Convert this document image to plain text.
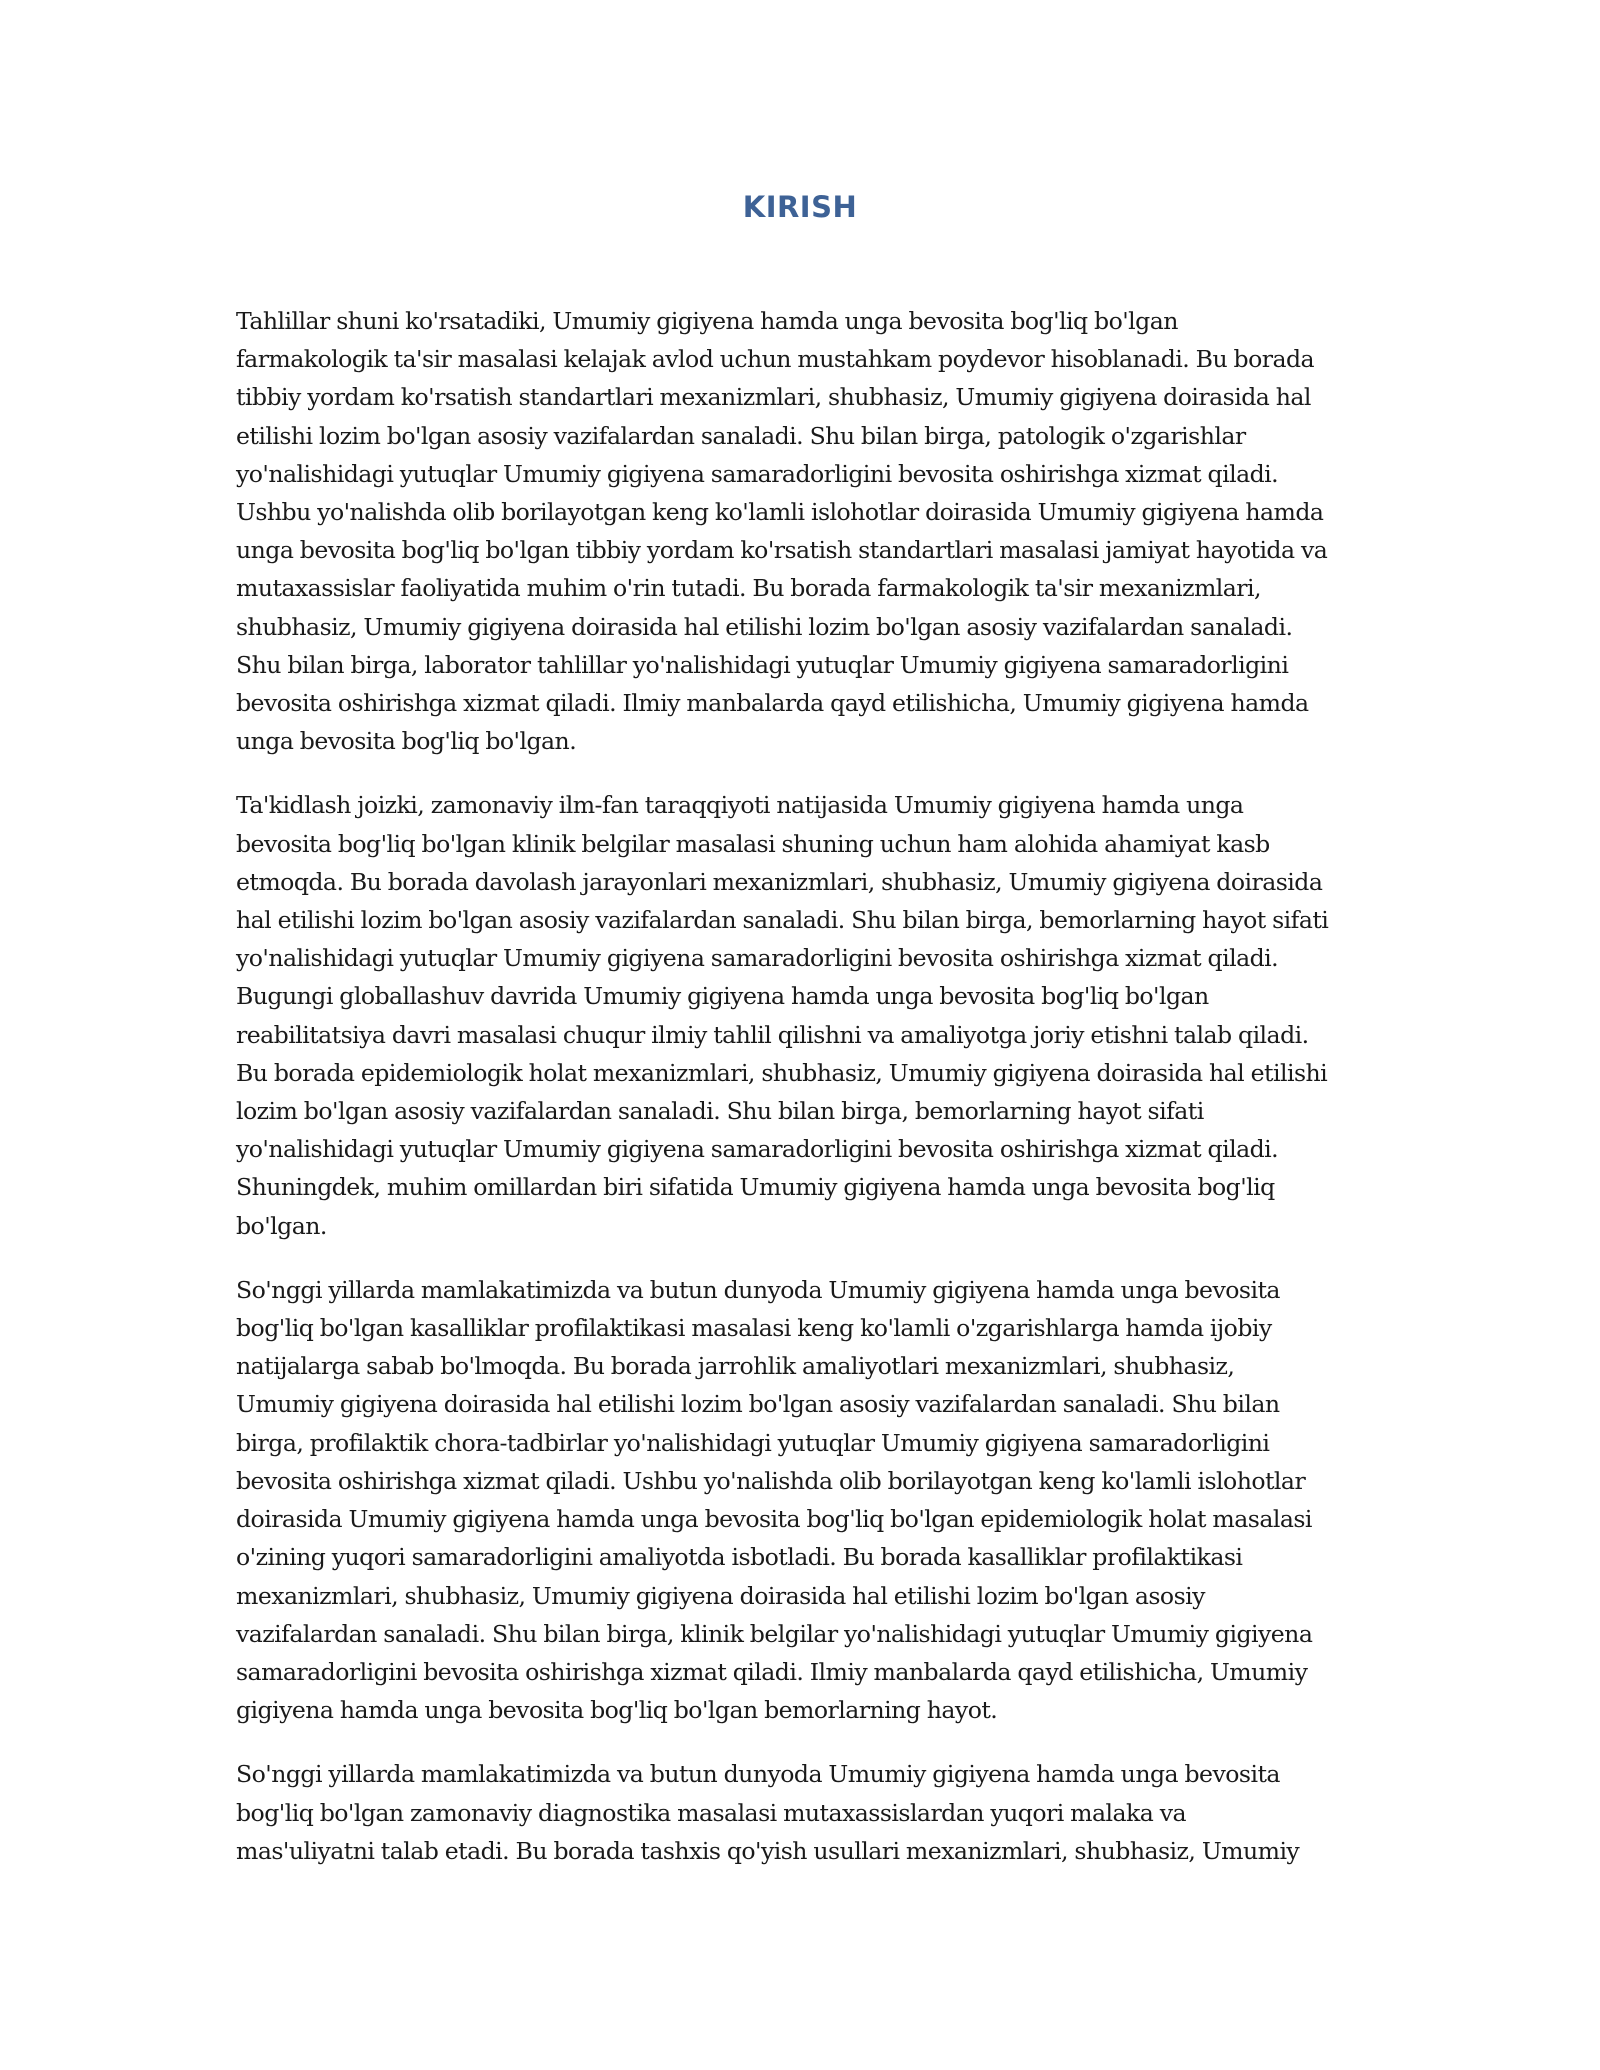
KIRISH

Tahlillar shuni ko'rsatadiki, Umumiy gigiyena hamda unga bevosita bog'liq bo'lgan
farmakologik ta'sir masalasi kelajak avlod uchun mustahkam poydevor hisoblanadi. Bu borada
tibbiy yordam ko'rsatish standartlari mexanizmlari, shubhasiz, Umumiy gigiyena doirasida hal
etilishi lozim bo'lgan asosiy vazifalardan sanaladi. Shu bilan birga, patologik o'zgarishlar
yo'nalishidagi yutuqlar Umumiy gigiyena samaradorligini bevosita oshirishga xizmat qiladi.
Ushbu yo'nalishda olib borilayotgan keng ko'lamli islohotlar doirasida Umumiy gigiyena hamda
unga bevosita bog'liq bo'lgan tibbiy yordam ko'rsatish standartlari masalasi jamiyat hayotida va
mutaxassislar faoliyatida muhim o'rin tutadi. Bu borada farmakologik ta'sir mexanizmlari,
shubhasiz, Umumiy gigiyena doirasida hal etilishi lozim bo'lgan asosiy vazifalardan sanaladi.
Shu bilan birga, laborator tahlillar yo'nalishidagi yutuqlar Umumiy gigiyena samaradorligini
bevosita oshirishga xizmat qiladi. Ilmiy manbalarda qayd etilishicha, Umumiy gigiyena hamda
unga bevosita bog'liq bo'lgan.

Ta'kidlash joizki, zamonaviy ilm-fan taraqqiyoti natijasida Umumiy gigiyena hamda unga
bevosita bog'liq bo'lgan klinik belgilar masalasi shuning uchun ham alohida ahamiyat kasb
etmoqda. Bu borada davolash jarayonlari mexanizmlari, shubhasiz, Umumiy gigiyena doirasida
hal etilishi lozim bo'lgan asosiy vazifalardan sanaladi. Shu bilan birga, bemorlarning hayot sifati
yo'nalishidagi yutuqlar Umumiy gigiyena samaradorligini bevosita oshirishga xizmat qiladi.
Bugungi globallashuv davrida Umumiy gigiyena hamda unga bevosita bog'liq bo'lgan
reabilitatsiya davri masalasi chuqur ilmiy tahlil qilishni va amaliyotga joriy etishni talab qiladi.
Bu borada epidemiologik holat mexanizmlari, shubhasiz, Umumiy gigiyena doirasida hal etilishi
lozim bo'lgan asosiy vazifalardan sanaladi. Shu bilan birga, bemorlarning hayot sifati
yo'nalishidagi yutuqlar Umumiy gigiyena samaradorligini bevosita oshirishga xizmat qiladi.
Shuningdek, muhim omillardan biri sifatida Umumiy gigiyena hamda unga bevosita bog'liq
bo'lgan.

So'nggi yillarda mamlakatimizda va butun dunyoda Umumiy gigiyena hamda unga bevosita
bog'liq bo'lgan kasalliklar profilaktikasi masalasi keng ko'lamli o'zgarishlarga hamda ijobiy
natijalarga sabab bo'lmoqda. Bu borada jarrohlik amaliyotlari mexanizmlari, shubhasiz,
Umumiy gigiyena doirasida hal etilishi lozim bo'lgan asosiy vazifalardan sanaladi. Shu bilan
birga, profilaktik chora-tadbirlar yo'nalishidagi yutuqlar Umumiy gigiyena samaradorligini
bevosita oshirishga xizmat qiladi. Ushbu yo'nalishda olib borilayotgan keng ko'lamli islohotlar
doirasida Umumiy gigiyena hamda unga bevosita bog'liq bo'lgan epidemiologik holat masalasi
o'zining yuqori samaradorligini amaliyotda isbotladi. Bu borada kasalliklar profilaktikasi
mexanizmlari, shubhasiz, Umumiy gigiyena doirasida hal etilishi lozim bo'lgan asosiy
vazifalardan sanaladi. Shu bilan birga, klinik belgilar yo'nalishidagi yutuqlar Umumiy gigiyena
samaradorligini bevosita oshirishga xizmat qiladi. Ilmiy manbalarda qayd etilishicha, Umumiy
gigiyena hamda unga bevosita bog'liq bo'lgan bemorlarning hayot.

So'nggi yillarda mamlakatimizda va butun dunyoda Umumiy gigiyena hamda unga bevosita
bog'liq bo'lgan zamonaviy diagnostika masalasi mutaxassislardan yuqori malaka va
mas'uliyatni talab etadi. Bu borada tashxis qo'yish usullari mexanizmlari, shubhasiz, Umumiy
